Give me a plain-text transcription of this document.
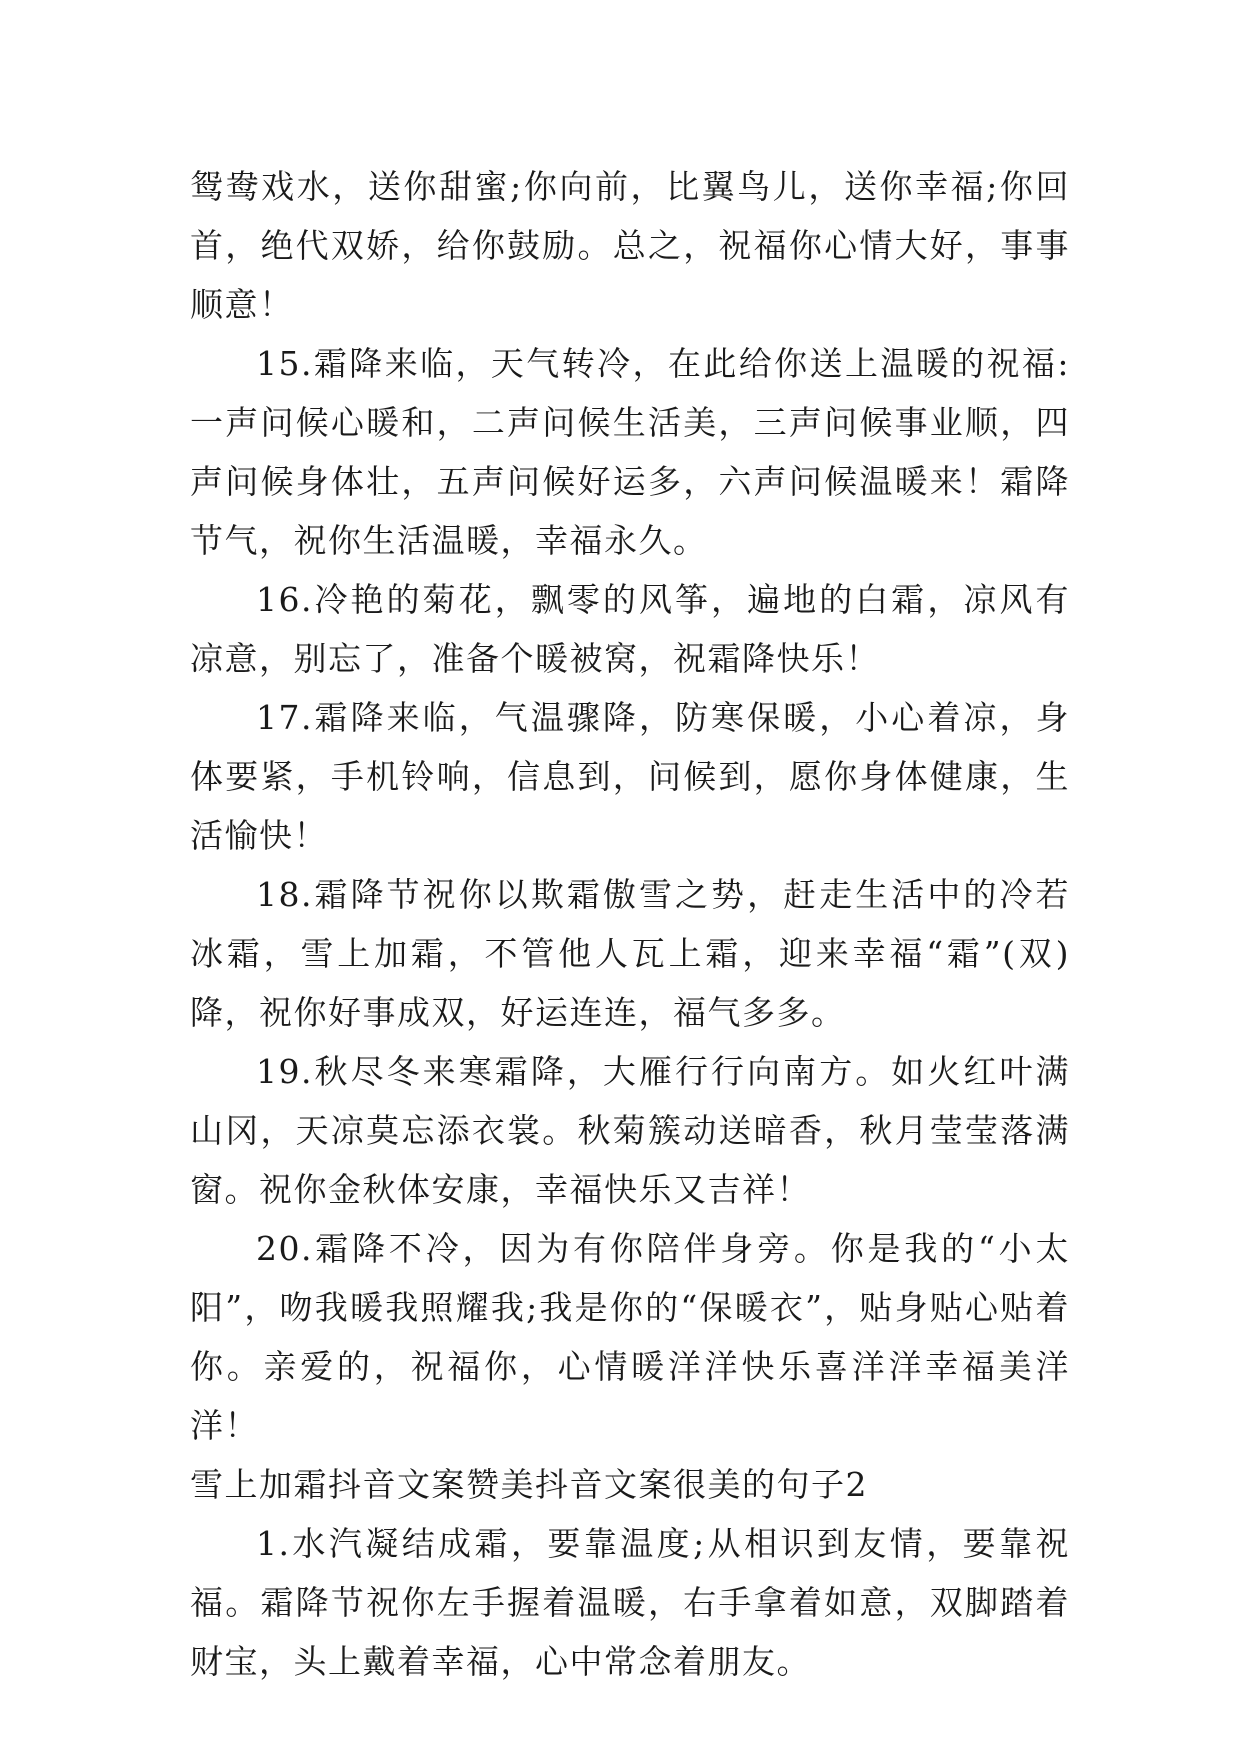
鸳鸯戏水，送你甜蜜;你向前，比翼鸟儿，送你幸福;你回首，绝代双娇，给你鼓励。总之，祝福你心情大好，事事顺意！

15.霜降来临，天气转冷，在此给你送上温暖的祝福:一声问候心暖和，二声问候生活美，三声问候事业顺，四声问候身体壮，五声问候好运多，六声问候温暖来！霜降节气，祝你生活温暖，幸福永久。

16.冷艳的菊花，飘零的风筝，遍地的白霜，凉风有凉意，别忘了，准备个暖被窝，祝霜降快乐！

17.霜降来临，气温骤降，防寒保暖，小心着凉，身体要紧，手机铃响，信息到，问候到，愿你身体健康，生活愉快！

18.霜降节祝你以欺霜傲雪之势，赶走生活中的冷若冰霜，雪上加霜，不管他人瓦上霜，迎来幸福“霜”(双)降，祝你好事成双，好运连连，福气多多。

19.秋尽冬来寒霜降，大雁行行向南方。如火红叶满山冈，天凉莫忘添衣裳。秋菊簇动送暗香，秋月莹莹落满窗。祝你金秋体安康，幸福快乐又吉祥！

20.霜降不冷，因为有你陪伴身旁。你是我的“小太阳”，吻我暖我照耀我;我是你的“保暖衣”，贴身贴心贴着你。亲爱的，祝福你，心情暖洋洋快乐喜洋洋幸福美洋洋！

雪上加霜抖音文案赞美抖音文案很美的句子2

1.水汽凝结成霜，要靠温度;从相识到友情，要靠祝福。霜降节祝你左手握着温暖，右手拿着如意，双脚踏着财宝，头上戴着幸福，心中常念着朋友。
